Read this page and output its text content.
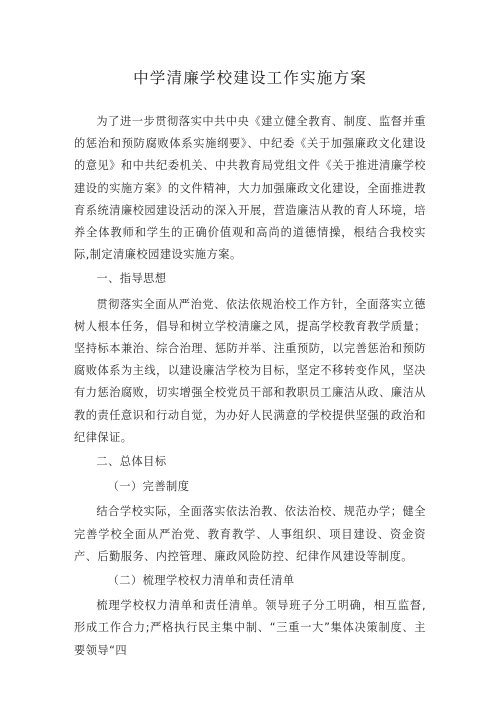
中学清廉学校建设工作实施方案

为了进一步贯彻落实中共中央《建立健全教育、制度、监督并重的惩治和预防腐败体系实施纲要》、中纪委《关于加强廉政文化建设的意见》和中共纪委机关、中共教育局党组文件《关于推进清廉学校建设的实施方案》的文件精神，大力加强廉政文化建设，全面推进教育系统清廉校园建设活动的深入开展，营造廉洁从教的育人环境，培养全体教师和学生的正确价值观和高尚的道德情操，根结合我校实际,制定清廉校园建设实施方案。

一、指导思想

贯彻落实全面从严治党、依法依规治校工作方针，全面落实立德树人根本任务，倡导和树立学校清廉之风，提高学校教育教学质量；坚持标本兼治、综合治理、惩防并举、注重预防，以完善惩治和预防腐败体系为主线，以建设廉洁学校为目标，坚定不移转变作风，坚决有力惩治腐败，切实增强全校党员干部和教职员工廉洁从政、廉洁从教的责任意识和行动自觉，为办好人民满意的学校提供坚强的政治和纪律保证。

二、总体目标

（一）完善制度

结合学校实际，全面落实依法治教、依法治校、规范办学；健全完善学校全面从严治党、教育教学、人事组织、项目建设、资金资产、后勤服务、内控管理、廉政风险防控、纪律作风建设等制度。

（二）梳理学校权力清单和责任清单

梳理学校权力清单和责任清单。领导班子分工明确，相互监督,形成工作合力;严格执行民主集中制、“三重一大”集体决策制度、主要领导“四
